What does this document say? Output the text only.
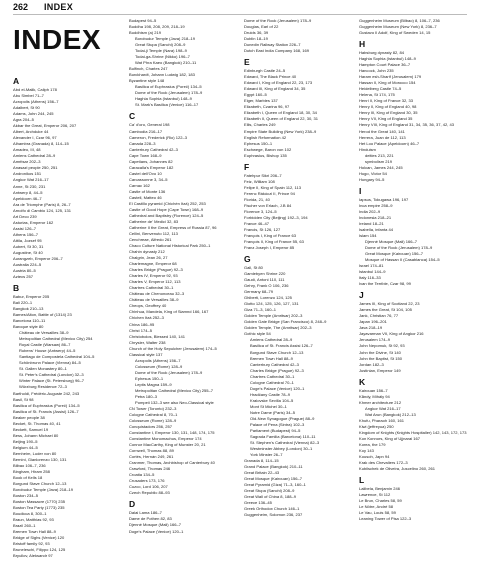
262 INDEX
INDEX
A
Abd el-Malik, Caliph 178
Abu Simbel 71–7
Acropolis (Athens) 156–7
Adalbert, St 90
Adams, John 244, 245
Agra 204–5
Akbar the Great, Emperor 206, 207
Albert, Archduke 44
Alexander I, Czar 96, 97
Alhambra (Granada) 8, 114–15
Amadeo, III, 48
Amiens Cathedral 28–9
Amritsar 202–3
Anasazi people 250, 251
Andronikos 151
Angkor Wat 216–17
Anne, St 230, 231
Antwerp 8, 44–5
Apeldoorn 46–7
Ara de Triomphe (Paris) 8, 26–7
Arnolfo di Cambio 124, 125, 131
Art Deco 239
Asturias, Emperor 162
Assisi 126–7
Athens 156–7
Attila, Jozsef 95
Aubert, St 30, 31
Augustine, St 40
Aurangzeb, Emperor 206–7
Australia 224–5
Austria 80–5
Aztecs 257
B
Babur, Emperor 205
Bali 220–1
Bangkok 210–13
Barnes/Alton, Battle of (1314) 23
Barcelona 110–11
Baroque style 80
Château de Versailles 38–9
Metropolitan Cathedral (Mexico City) 254
Royal Castle (Warsaw) 86–7
Rubens' House (Antwerp) 44–5
Santiago de Compostela Cathedral 104–5
Schönbrunn Palace (Vienna) 84–5
St. Gallen Monastery 80–1
St. Peter's Cathedral (London) 32–3
Winter Palace (St. Petersburg) 96–7
Würzburg Residence 72–3
Bartholdi, Frédéric-Auguste 242, 243
Basil, St 98
Basilica of Euphrasius (Poreč) 134–5
Basilica of St. Francis (Assisi) 126–7
Beaker people 38
Becket, St. Thomas 40, 41
Beckett, Samuel 19
Bess, Johann Michael 80
Beijing 190–5
Belgium 44–5
Bernheim, Luder von 80
Bernini, Gianlorenzo 130, 131
Bilbao 106–7, 236
Bingham, Hiram 258
Book of Kells 18
Borgund Stave Church 12–13
Borobudur Temple (Java) 218–19
Boston 234–5
Boston Massacre (1770) 235
Boston Tea Party (1773) 235
Boudicca 8, 300–1
Braun, Matthias 92, 93
Brazil 260–1
Bremen Town Hall 88–9
Bridge of Sighs (Venice) 120
Bristoff family 92, 93
Bruneleschi, Filippo 124, 125
Bryullov, Aleksandr 97
Budapest 94–5
Buddha 198, 208, 209, 218–19
Buddhism (a) 219
Borobudur Temple (Java) 218–19
Great Stupa (Sanchi) 208–9
Todai-ji Temple (Nara) 198–9
Todai-ga-Shrine (Nikko) 196–7
Wat Phra Kaeo (Bangkok) 210–11
Bulfinch, Charles 247
Burckhardt, Johann Ludwig 182, 183
Byzantine style 148
Basilica of Euphrasius (Poreč) 134–5
Dome of the Rock (Jerusalem) 178–9
Haghia Sophia (Istanbul) 148–9
St. Mark's Basilica (Venice) 116–17
C
Ca' d'oro, General 198
Cambodia 216–17
Cameron, Frederick (Rio) 122–3
Canada 228–3
Canterbury Cathedral 42–3
Cape Town 168–9
Capetians, Johannes 82
Caracalla's Emperor 182
Castel dell'Ovo 10
Carcassonne 3, 34–5
Carnac 162
Castle of Monte 136
Castell, Matteo 46
El Castillo pyramid (Chichén Itzá) 252, 253
Castle of Good Hope (Cape Town) 168–9
Cathedral and Baptistry (Florence) 124–5
Catherine de' Medici 32, 83
Catherine II the Great, Empress of Russia 87, 96
Cellini, Benvenuto 112, 113
Cenchreae, Alfredo 261
Chaco Culture National Historical Park 250–1
Chahin dynasty 212
Chalgrin, Jean 26, 27
Charlemagne, Emperor 68
Charles Bridge (Prague) 92–3
Charles IV, Emperor 92, 93
Charles V, Emperor 112, 113
Chartres Cathedral 30–1
Château de Chenonceau 32–3
Château de Versailles 38–9
Cheops, Geoffrey 40
Chinhua, Mandela, King of Siamnd 166, 167
Chichen Itzá 252–3
China 186–95
Christ 174–5
Christobolos, Blessed 140, 141
Chrysler, Walter 238
Church of the Holy Sepulcher (Jerusalem) 174–5
Classical style 137
Acropolis (Athens) 156–7
Colosseum (Rome) 128–9
Dome of the Rock (Jerusalem) 178–9
Ephesus 150–1
Leptis Magna 159–9
Metropolitan Cathedral (Mexico City) 255–7
Petra 180–3
Pompeii 132–3 see also Neo-Classical style
CN Tower (Toronto) 232–3
Cologne Cathedral 8, 70–1
Colosseum (Rome) 128–9
Conquistadors 256, 257
Constantine I, Emperor 130, 131, 148, 174, 175
Constantine Monomachus, Emperor 174
Connor MacCarthy, King of Munster 20, 21
Cornwell, Thomas 88, 89
Cortés, Hernán 249, 261
Cranmer, Thomas, Archbishop of Canterbury 40
Crawford, Thomas 246
Croatia 134–5
Crusaders 173, 176
Cuzco, Lord 106, 207
Czech Republic 88–93
D
Dalai Lama 186–7
Dame de Pothen 82, 83
Djenné Mosque (Mali) 166–7
Doge's Palace (Venice) 120–1
Dome of the Rock (Jerusalem) 178–9
Douglas, Earl of 22
Druids 36, 39
Dublin 18–19
Dunedin Railway Station 226–7
Dutch East India Company 168, 169
E
Edinburgh Castle 24–5
Edward, The Black Prince 40
Edward I, King of England 22, 23, 173
Edward III, King of England 34, 35
Egypt 160–5
Eiger, Marbles 137
Elizabeth, Czarina 96, 97
Elizabeth I, Queen of England 18, 30, 34
Elizabeth II, Queen of England 22, 30, 31
Ellis, Charles 249
Empire State Building (New York) 238–9
English Reformation 42
Ephesus 150–1
Eschwege, Baron von 102
Euphrasius, Bishop 135
F
Fatehpur Sikri 206–7
Feiz, William 108
Felipe II, King of Spain 112, 113
Ferenc Rákóczi II, Prince 94
Florida, 21, 40
Fischer von Erlach, J.B 84
Florence 3, 124–5
Forbidden City (Beijing) 192–3, 194
France 46–47
Francis, St 126, 127
François I, King of France 63
François II, King of France 55, 63
Franz Joseph I, Emperor 85
G
Gall, St 80
Gamlebyen Shrine 220
Gaudí, Antoni 110, 111
Gehry, Frank O 106, 236
Germany 68–79
Ghiberti, Lorenzo 124, 125
Giotto 124, 125, 126, 127, 131
Giza 71–3, 160–1
Golden Temple (Amritsar) 202–3
Golden Gate Bridge (San Francisco) 8, 248–9
Golden Temple, The (Amritsar) 202–3
Gothic style 54
Amiens Cathedral 28–9
Basilica of St. Francis Assisi 126–7
Borgund Stave Church 12–13
Bremen Town Hall 88–9
Canterbury Cathedral 42–3
Charles Bridge (Prague) 92–3
Chartres Cathedral 30–1
Cologne Cathedral 70–1
Doge's Palace (Venice) 120–1
Hradčany Castle 78–9
Kralovske Sevilla 104–5
Mont St Michel 30–1
Notre Dame (Paris) 34–5
Old-New Synagogue (Prague) 88–9
Palace of Pena (Sintra) 102–3
Parliament (Budapest) 94–5
Sagrada Familia (Barcelona) 110–11
St. Stephen's Cathedral (Vienna) 82–3
Westminster Abbey (London) 30–1
York Minster 26–7
Granada 8, 114–15
Grand Palace (Bangkok) 210–11
Great Britain 22–43
Great Mosque (Kairouan) 156–7
Great Pyramid (Giza) 71–3, 160–1
Great Stupa (Sanchi) 208–9
Great Wall of China 8, 188–9
Greece 136–45
Greek Orthodox Church 146–1
Guggenheim, Solomon 236, 237
Guggenheim Museum (Bilbao) 8, 106–7, 236
Guggenheim Museum (New York) 8, 236–7
Gustavo Il Adolf, King of Sweden 14, 15
H
Habsburg dynasty 82, 84
Haghia Sophia (Istanbul) 148–9
Hampton Court Palace 36–7
Hancock, John 235
Haram esh-Sharif (Jerusalem) 179
Hassan II, King of Morocco 154
Heidelberg Castle 74–5
Helena, St 174, 175
Henri II, King of France 32, 33
Henry II, King of England 40, 98
Henry III, King of England 30, 35
Henry VII, King of England 35
Henry VIII, King of England 31, 34, 35, 36, 37, 42, 43
Herod the Great 140, 141
Herrera, Juan de 112, 113
Het Loo Palace (Apeldoorn) 46–7
Hinduism
deities 213, 221
symbolism 219
Holcan, James 244, 245
Hugo, Victor 54
Hungary 94–5
I
Iapsus, Tokugawa 196, 197
Inca empire 258–9
India 202–9
Indonesia 218–21
Ireland 18–21
Isabella, infanta 44
Islam 154
Djenné Mosque (Mali) 166–7
Dome of the Rock (Jerusalem) 178–9
Great Mosque (Kairouan) 156–7
Mosque of Hassan II (Casablanca) 154–5
Israel 174–81
Istanbul 144–9
Italy 116–33
Ivan the Terrible, Czar 98, 99
J
James III, King of Scotland 22, 23
James the Great, St 104, 105
Jank, Christian 76, 77
Japan 196–201
Java 218–19
Jayavarman VII, King of Angkor 216
Jerusalem 174–9
John Nepomuk, St 92, 93
John the Divine, St 140
John the Baptist, St 150
Jordan 182–3
Justinian, Emperor 149
K
Kairouan 156–7
Kåndy, Mihály 94
Khmer architecture 212
Angkor Wat 216–17
Wat Arun (Bangkok) 212–13
Khufu, Pharaoh 160, 161
Kiwi (jeffreyua) 250
Kingdom of Knights (Knights Hospitaller) 142, 143, 172, 173
Kon Konnors, King of Ujjnarai 167
Korea, the 179
Koy 143
Kousoh, Japn 94
Krak des Chevaliers 172–3
Kubilschek de Oliveira, Juscelino 260, 261
L
Lalibela, Benjamin 246
Lawrence, St 112
Le Brun, Charles 58, 59
Le Nôtre, André 58
Le Vau, Louis 58, 59
Leaning Tower of Pisa 122–3
